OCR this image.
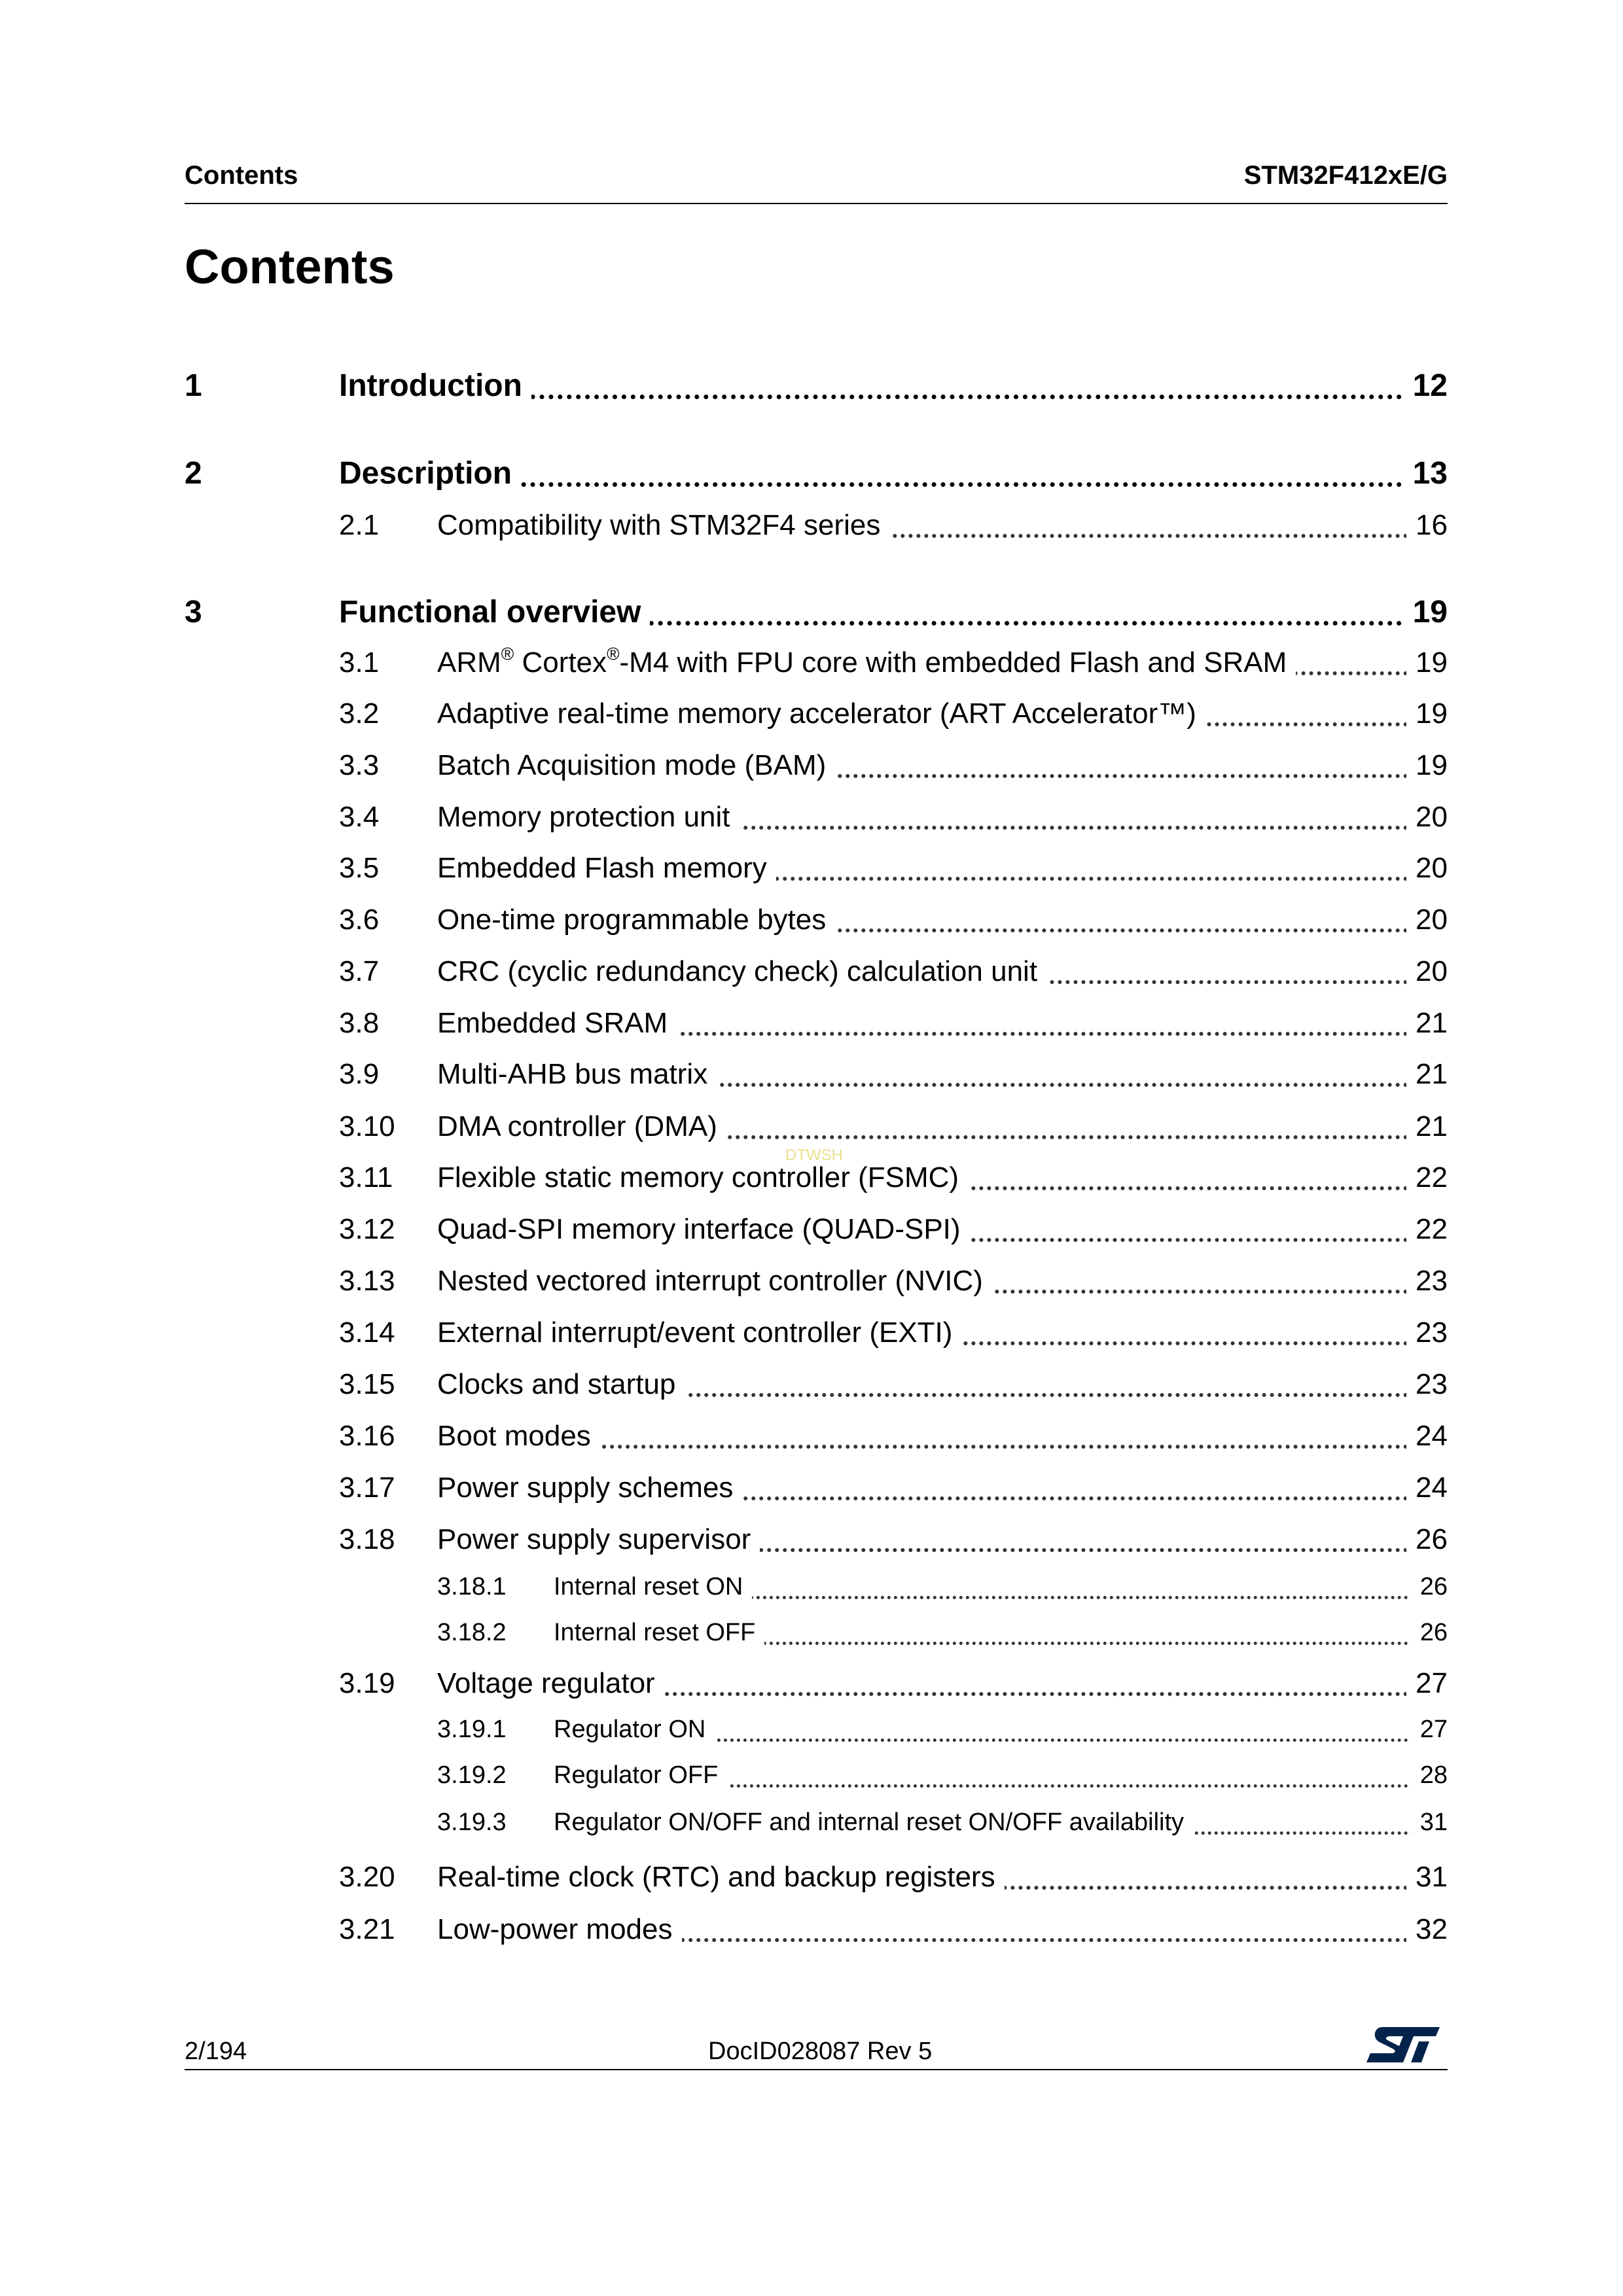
Contents	STM32F412xE/G
Contents
1	Introduction	12
2	Description	13
2.1 Compatibility with STM32F4 series	16
3	Functional overview	19
3.1 ARM® Cortex®-M4 with FPU core with embedded Flash and SRAM	19
3.2 Adaptive real-time memory accelerator (ART Accelerator™)	19
3.3 Batch Acquisition mode (BAM)	19
3.4 Memory protection unit	20
3.5 Embedded Flash memory	20
3.6 One-time programmable bytes	20
3.7 CRC (cyclic redundancy check) calculation unit	20
3.8 Embedded SRAM	21
3.9 Multi-AHB bus matrix	21
3.10 DMA controller (DMA)	21
3.11 Flexible static memory controller (FSMC)	22
3.12 Quad-SPI memory interface (QUAD-SPI)	22
3.13 Nested vectored interrupt controller (NVIC)	23
3.14 External interrupt/event controller (EXTI)	23
3.15 Clocks and startup	23
3.16 Boot modes	24
3.17 Power supply schemes	24
3.18 Power supply supervisor	26
3.18.1 Internal reset ON	26
3.18.2 Internal reset OFF	26
3.19 Voltage regulator	27
3.19.1 Regulator ON	27
3.19.2 Regulator OFF	28
3.19.3 Regulator ON/OFF and internal reset ON/OFF availability	31
3.20 Real-time clock (RTC) and backup registers	31
3.21 Low-power modes	32
DTWSH
2/194	DocID028087 Rev 5
